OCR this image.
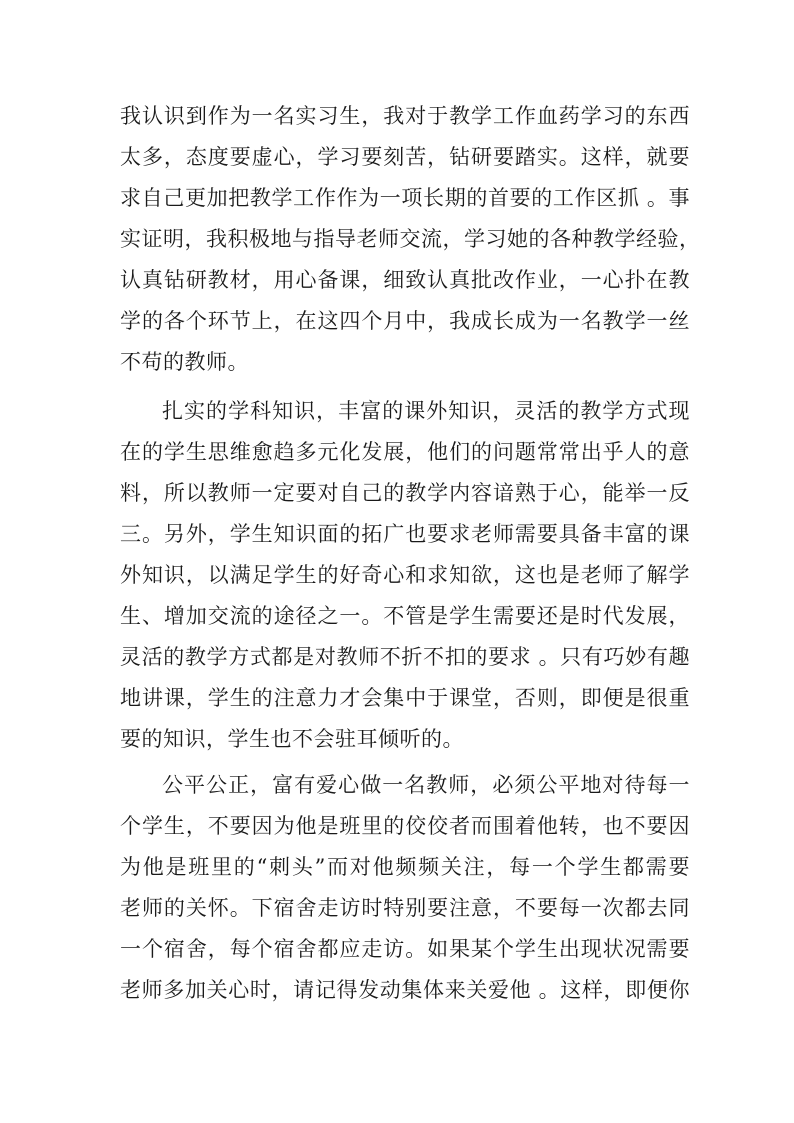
我认识到作为一名实习生，我对于教学工作血药学习的东西
太多，态度要虚心，学习要刻苦，钻研要踏实。这样，就要
求自己更加把教学工作作为一项长期的首要的工作区抓 。事
实证明，我积极地与指导老师交流，学习她的各种教学经验，
认真钻研教材，用心备课，细致认真批改作业，一心扑在教
学的各个环节上，在这四个月中，我成长成为一名教学一丝
不苟的教师。
扎实的学科知识，丰富的课外知识，灵活的教学方式现
在的学生思维愈趋多元化发展，他们的问题常常出乎人的意
料，所以教师一定要对自己的教学内容谙熟于心，能举一反
三。另外，学生知识面的拓广也要求老师需要具备丰富的课
外知识，以满足学生的好奇心和求知欲，这也是老师了解学
生、增加交流的途径之一。不管是学生需要还是时代发展，
灵活的教学方式都是对教师不折不扣的要求 。只有巧妙有趣
地讲课，学生的注意力才会集中于课堂，否则，即便是很重
要的知识，学生也不会驻耳倾听的。
公平公正，富有爱心做一名教师，必须公平地对待每一
个学生，不要因为他是班里的佼佼者而围着他转，也不要因
为他是班里的“刺头”而对他频频关注，每一个学生都需要
老师的关怀。下宿舍走访时特别要注意，不要每一次都去同
一个宿舍，每个宿舍都应走访。如果某个学生出现状况需要
老师多加关心时，请记得发动集体来关爱他 。这样，即便你
